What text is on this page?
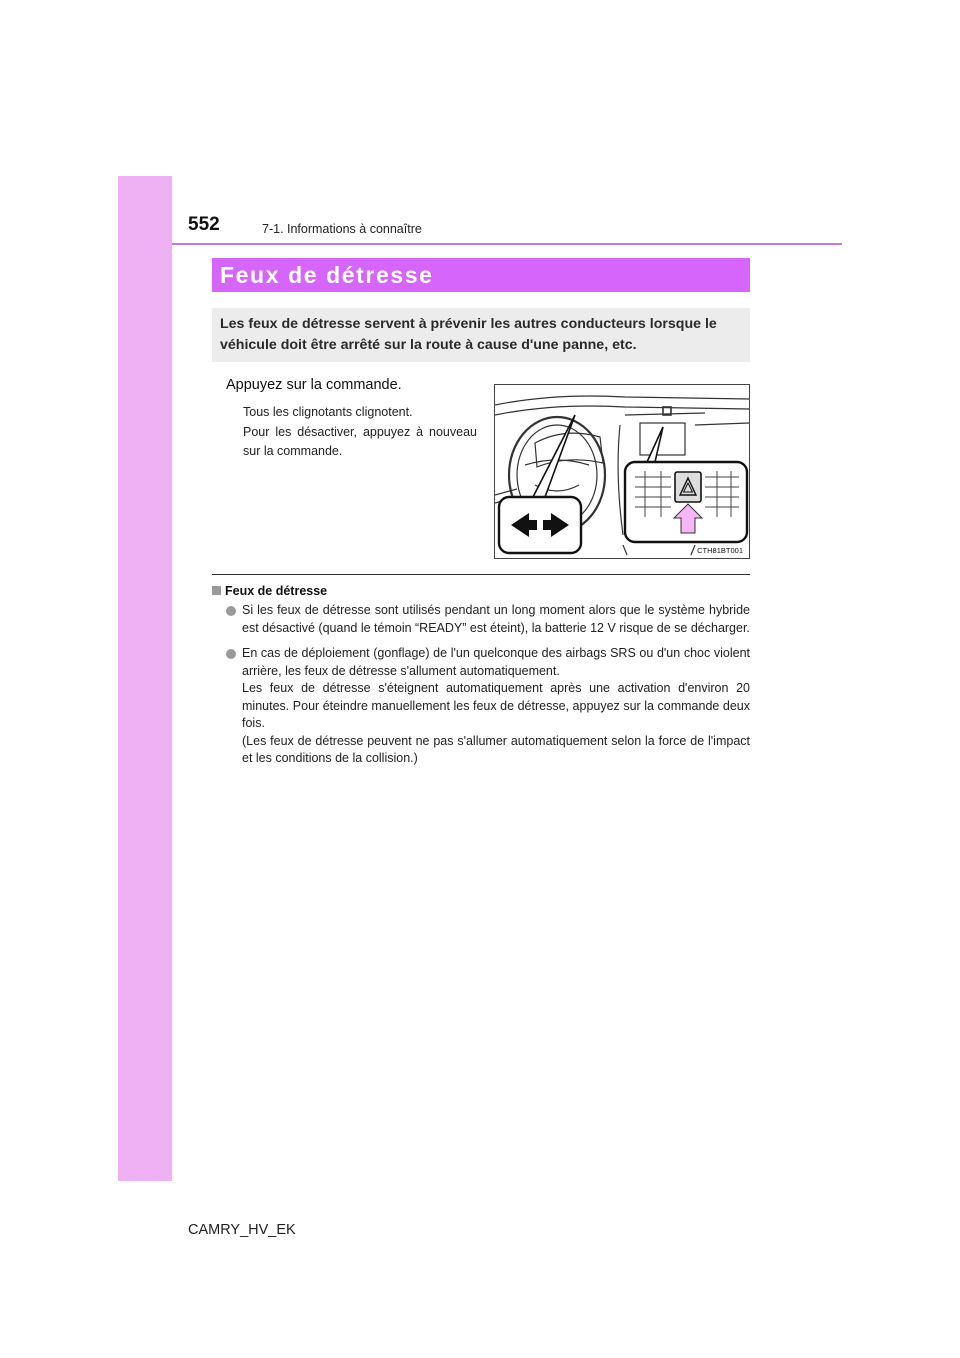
552	7-1. Informations à connaître
Feux de détresse
Les feux de détresse servent à prévenir les autres conducteurs lorsque le véhicule doit être arrêté sur la route à cause d'une panne, etc.
Appuyez sur la commande.

Tous les clignotants clignotent.

Pour les désactiver, appuyez à nouveau sur la commande.

CTH81BT001
Feux de détresse
Si les feux de détresse sont utilisés pendant un long moment alors que le système hybride est désactivé (quand le témoin “READY” est éteint), la batterie 12 V risque de se décharger.
En cas de déploiement (gonflage) de l'un quelconque des airbags SRS ou d'un choc violent arrière, les feux de détresse s'allument automatiquement.
Les feux de détresse s'éteignent automatiquement après une activation d'environ 20 minutes. Pour éteindre manuellement les feux de détresse, appuyez sur la commande deux fois.
(Les feux de détresse peuvent ne pas s'allumer automatiquement selon la force de l'impact et les conditions de la collision.)
CAMRY_HV_EK
